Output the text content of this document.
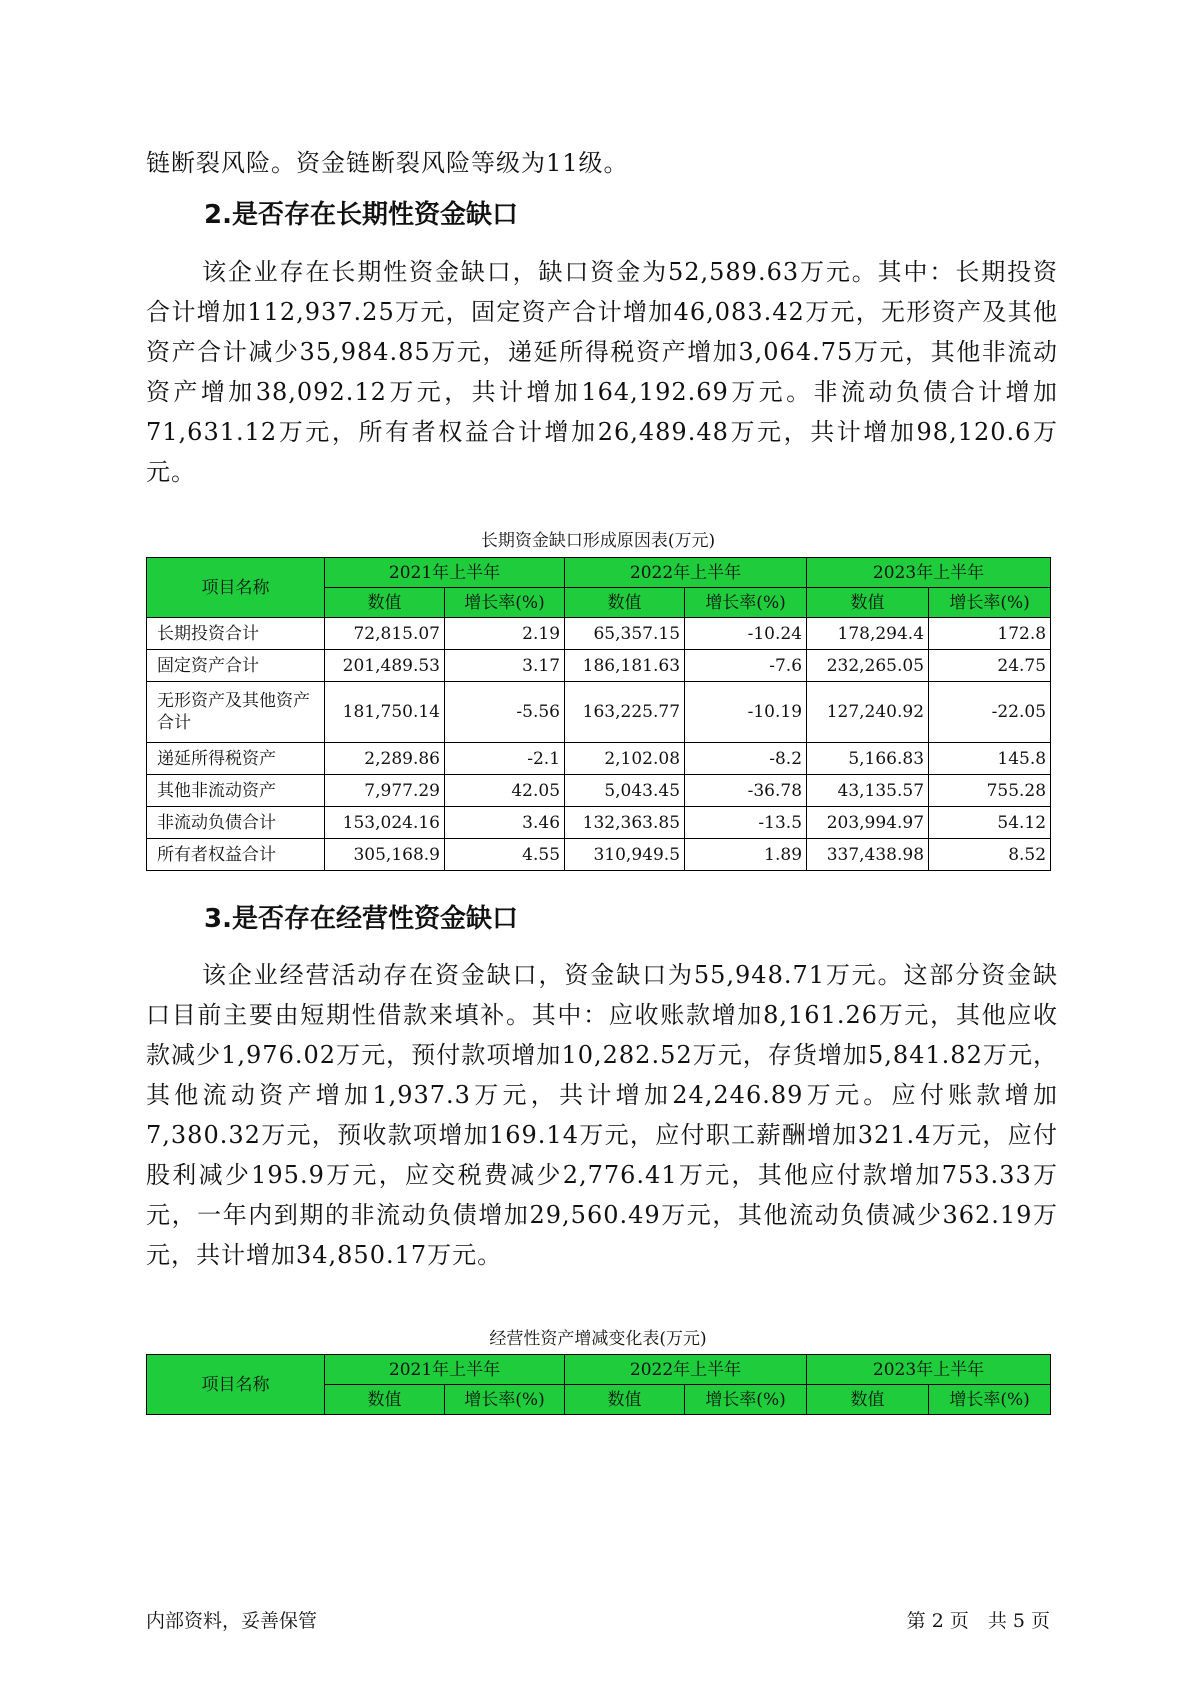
链断裂风险。资金链断裂风险等级为11级。

2.是否存在长期性资金缺口

该企业存在长期性资金缺口，缺口资金为52,589.63万元。其中：长期投资合计增加112,937.25万元，固定资产合计增加46,083.42万元，无形资产及其他资产合计减少35,984.85万元，递延所得税资产增加3,064.75万元，其他非流动资产增加38,092.12万元，共计增加164,192.69万元。非流动负债合计增加71,631.12万元，所有者权益合计增加26,489.48万元，共计增加98,120.6万元。

长期资金缺口形成原因表(万元)
项目名称	2021年上半年		2022年上半年		2023年上半年	
	数值	增长率(%)	数值	增长率(%)	数值	增长率(%)
长期投资合计	72,815.07	2.19	65,357.15	-10.24	178,294.4	172.8
固定资产合计	201,489.53	3.17	186,181.63	-7.6	232,265.05	24.75
无形资产及其他资产合计	181,750.14	-5.56	163,225.77	-10.19	127,240.92	-22.05
递延所得税资产	2,289.86	-2.1	2,102.08	-8.2	5,166.83	145.8
其他非流动资产	7,977.29	42.05	5,043.45	-36.78	43,135.57	755.28
非流动负债合计	153,024.16	3.46	132,363.85	-13.5	203,994.97	54.12
所有者权益合计	305,168.9	4.55	310,949.5	1.89	337,438.98	8.52
3.是否存在经营性资金缺口

该企业经营活动存在资金缺口，资金缺口为55,948.71万元。这部分资金缺口目前主要由短期性借款来填补。其中：应收账款增加8,161.26万元，其他应收款减少1,976.02万元，预付款项增加10,282.52万元，存货增加5,841.82万元，其他流动资产增加1,937.3万元，共计增加24,246.89万元。应付账款增加7,380.32万元，预收款项增加169.14万元，应付职工薪酬增加321.4万元，应付股利减少195.9万元，应交税费减少2,776.41万元，其他应付款增加753.33万元，一年内到期的非流动负债增加29,560.49万元，其他流动负债减少362.19万元，共计增加34,850.17万元。

经营性资产增减变化表(万元)
项目名称	2021年上半年		2022年上半年		2023年上半年	
	数值	增长率(%)	数值	增长率(%)	数值	增长率(%)
内部资料，妥善保管	第 2 页　共 5 页
